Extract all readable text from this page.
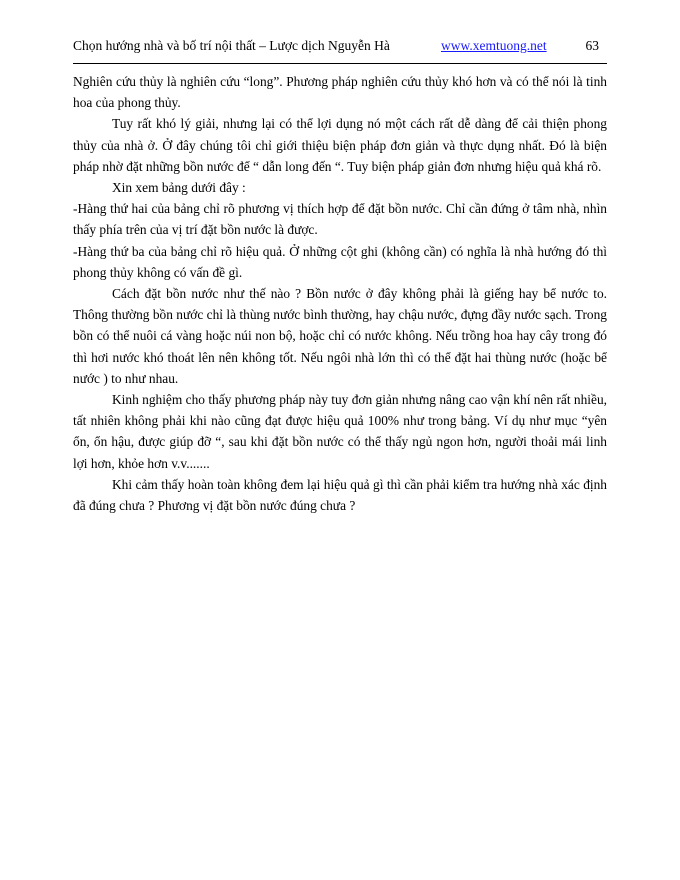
Chọn hướng nhà và bố trí nội thất – Lược dịch Nguyễn Hà	www.xemtuong.net	63

Nghiên cứu thủy là nghiên cứu “long”. Phương pháp nghiên cứu thủy khó hơn và có thể nói là tinh hoa của phong thủy.

Tuy rất khó lý giải, nhưng lại có thể lợi dụng nó một cách rất dễ dàng để cải thiện phong thủy của nhà ở. Ở đây chúng tôi chỉ giới thiệu biện pháp đơn giản và thực dụng nhất. Đó là biện pháp nhờ đặt những bồn nước để “ dẫn long đến “. Tuy biện pháp giản đơn nhưng hiệu quả khá rõ.

Xin xem bảng dưới đây :

-Hàng thứ hai của bảng chỉ rõ phương vị thích hợp để đặt bồn nước. Chỉ cần đứng ở tâm nhà, nhìn thấy phía trên của vị trí đặt bồn nước là được.

-Hàng thứ ba của bảng chỉ rõ hiệu quả. Ở những cột ghi (không cần) có nghĩa là nhà hướng đó thì phong thủy không có vấn đề gì.

Cách đặt bồn nước như thế nào ? Bồn nước ở đây không phải là giếng hay bể nước to. Thông thường bồn nước chỉ là thùng nước bình thường, hay chậu nước, đựng đầy nước sạch. Trong bồn có thể nuôi cá vàng hoặc núi non bộ, hoặc chỉ có nước không. Nếu trồng hoa hay cây trong đó thì hơi nước khó thoát lên nên không tốt. Nếu ngôi nhà lớn thì có thể đặt hai thùng nước (hoặc bể nước ) to như nhau.

Kinh nghiệm cho thấy phương pháp này tuy đơn giản nhưng nâng cao vận khí nên rất nhiều, tất nhiên không phải khi nào cũng đạt được hiệu quả 100% như trong bảng. Ví dụ như mục “yên ổn, ổn hậu, được giúp đỡ “, sau khi đặt bồn nước có thể thấy ngủ ngon hơn, người thoải mái linh lợi hơn, khỏe hơn v.v.......

Khi cảm thấy hoàn toàn không đem lại hiệu quả gì thì cần phải kiểm tra hướng nhà xác định đã đúng chưa ? Phương vị đặt bồn nước đúng chưa ?
